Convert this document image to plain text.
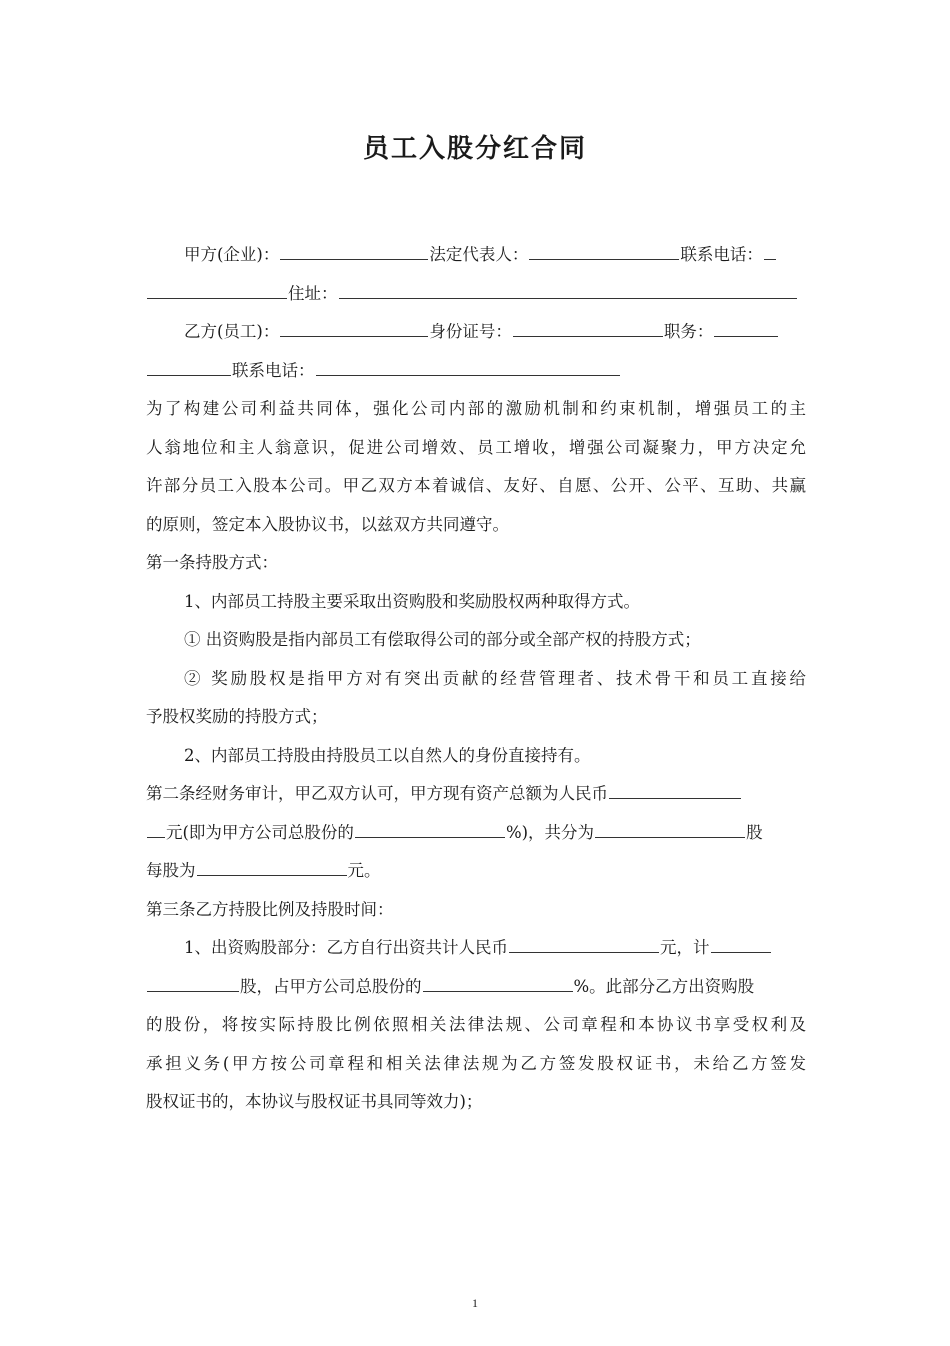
员工入股分红合同
甲方(企业)：	法定代表人：	联系电话：
住址：
乙方(员工)：	身份证号：	职务：
联系电话：
为了构建公司利益共同体，强化公司内部的激励机制和约束机制，增强员工的主
人翁地位和主人翁意识，促进公司增效、员工增收，增强公司凝聚力，甲方决定允
许部分员工入股本公司。甲乙双方本着诚信、友好、自愿、公开、公平、互助、共赢
的原则，签定本入股协议书，以兹双方共同遵守。
第一条持股方式：
1、内部员工持股主要采取出资购股和奖励股权两种取得方式。
① 出资购股是指内部员工有偿取得公司的部分或全部产权的持股方式；
② 奖励股权是指甲方对有突出贡献的经营管理者、技术骨干和员工直接给
予股权奖励的持股方式；
2、内部员工持股由持股员工以自然人的身份直接持有。
第二条经财务审计，甲乙双方认可，甲方现有资产总额为人民币
元(即为甲方公司总股份的	%)，共分为	股
每股为	元。
第三条乙方持股比例及持股时间：
1、出资购股部分：乙方自行出资共计人民币	元，计
股，占甲方公司总股份的	%。此部分乙方出资购股
的股份，将按实际持股比例依照相关法律法规、公司章程和本协议书享受权利及
承担义务(甲方按公司章程和相关法律法规为乙方签发股权证书，未给乙方签发
股权证书的，本协议与股权证书具同等效力)；
1
